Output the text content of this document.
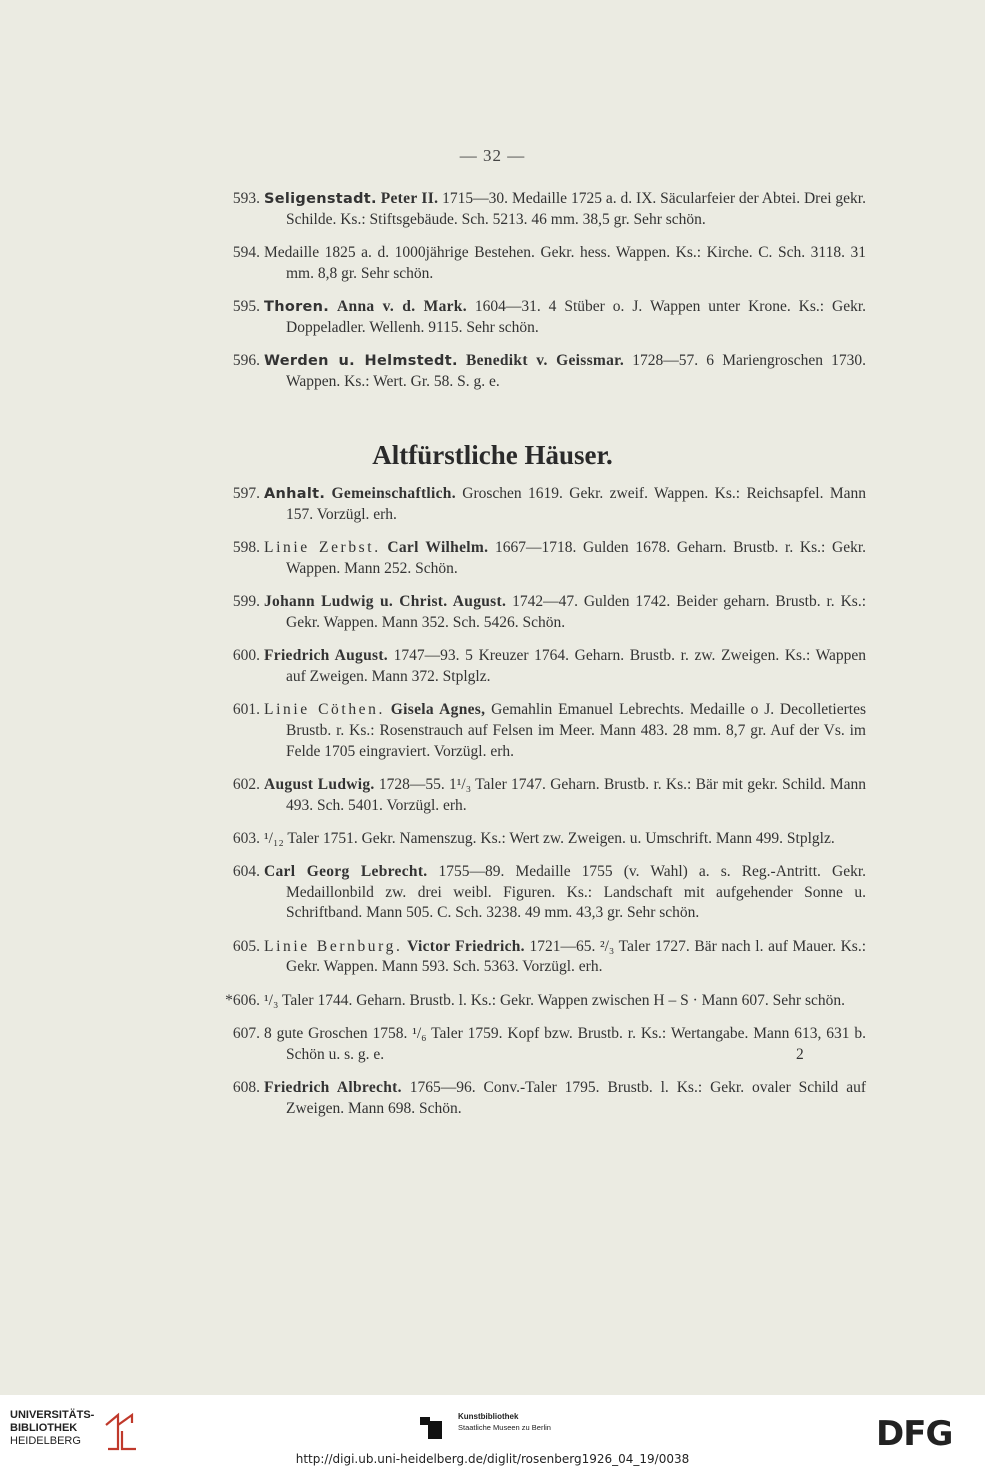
— 32 —
593. Seligenstadt. Peter II. 1715—30. Medaille 1725 a. d. IX. Säcularfeier der Abtei. Drei gekr. Schilde. Ks.: Stiftsgebäude. Sch. 5213. 46 mm. 38,5 gr. Sehr schön.
594. Medaille 1825 a. d. 1000jährige Bestehen. Gekr. hess. Wappen. Ks.: Kirche. C. Sch. 3118. 31 mm. 8,8 gr. Sehr schön.
595. Thoren. Anna v. d. Mark. 1604—31. 4 Stüber o. J. Wappen unter Krone. Ks.: Gekr. Doppeladler. Wellenh. 9115. Sehr schön.
596. Werden u. Helmstedt. Benedikt v. Geissmar. 1728—57. 6 Mariengroschen 1730. Wappen. Ks.: Wert. Gr. 58. S. g. e.
Altfürstliche Häuser.
597. Anhalt. Gemeinschaftlich. Groschen 1619. Gekr. zweif. Wappen. Ks.: Reichsapfel. Mann 157. Vorzügl. erh.
598. Linie Zerbst. Carl Wilhelm. 1667—1718. Gulden 1678. Geharn. Brustb. r. Ks.: Gekr. Wappen. Mann 252. Schön.
599. Johann Ludwig u. Christ. August. 1742—47. Gulden 1742. Beider geharn. Brustb. r. Ks.: Gekr. Wappen. Mann 352. Sch. 5426. Schön.
600. Friedrich August. 1747—93. 5 Kreuzer 1764. Geharn. Brustb. r. zw. Zweigen. Ks.: Wappen auf Zweigen. Mann 372. Stplglz.
601. Linie Cöthen. Gisela Agnes, Gemahlin Emanuel Lebrechts. Medaille o J. Decolletiertes Brustb. r. Ks.: Rosenstrauch auf Felsen im Meer. Mann 483. 28 mm. 8,7 gr. Auf der Vs. im Felde 1705 eingraviert. Vorzügl. erh.
602. August Ludwig. 1728—55. 1¹/₃ Taler 1747. Geharn. Brustb. r. Ks.: Bär mit gekr. Schild. Mann 493. Sch. 5401. Vorzügl. erh.
603. ¹/₁₂ Taler 1751. Gekr. Namenszug. Ks.: Wert zw. Zweigen. u. Umschrift. Mann 499. Stplglz.
604. Carl Georg Lebrecht. 1755—89. Medaille 1755 (v. Wahl) a. s. Reg.-Antritt. Gekr. Medaillonbild zw. drei weibl. Figuren. Ks.: Landschaft mit aufgehender Sonne u. Schriftband. Mann 505. C. Sch. 3238. 49 mm. 43,3 gr. Sehr schön.
605. Linie Bernburg. Victor Friedrich. 1721—65. ²/₃ Taler 1727. Bär nach l. auf Mauer. Ks.: Gekr. Wappen. Mann 593. Sch. 5363. Vorzügl. erh.
*606. ¹/₃ Taler 1744. Geharn. Brustb. l. Ks.: Gekr. Wappen zwischen H – S · Mann 607. Sehr schön.
607. 8 gute Groschen 1758. ¹/₆ Taler 1759. Kopf bzw. Brustb. r. Ks.: Wertangabe. Mann 613, 631 b. Schön u. s. g. e.	2
608. Friedrich Albrecht. 1765—96. Conv.-Taler 1795. Brustb. l. Ks.: Gekr. ovaler Schild auf Zweigen. Mann 698. Schön.
UNIVERSITÄTS-
BIBLIOTHEK
HEIDELBERG
Kunstbibliothek
Staatliche Museen zu Berlin	DFG
http://digi.ub.uni-heidelberg.de/diglit/rosenberg1926_04_19/0038
